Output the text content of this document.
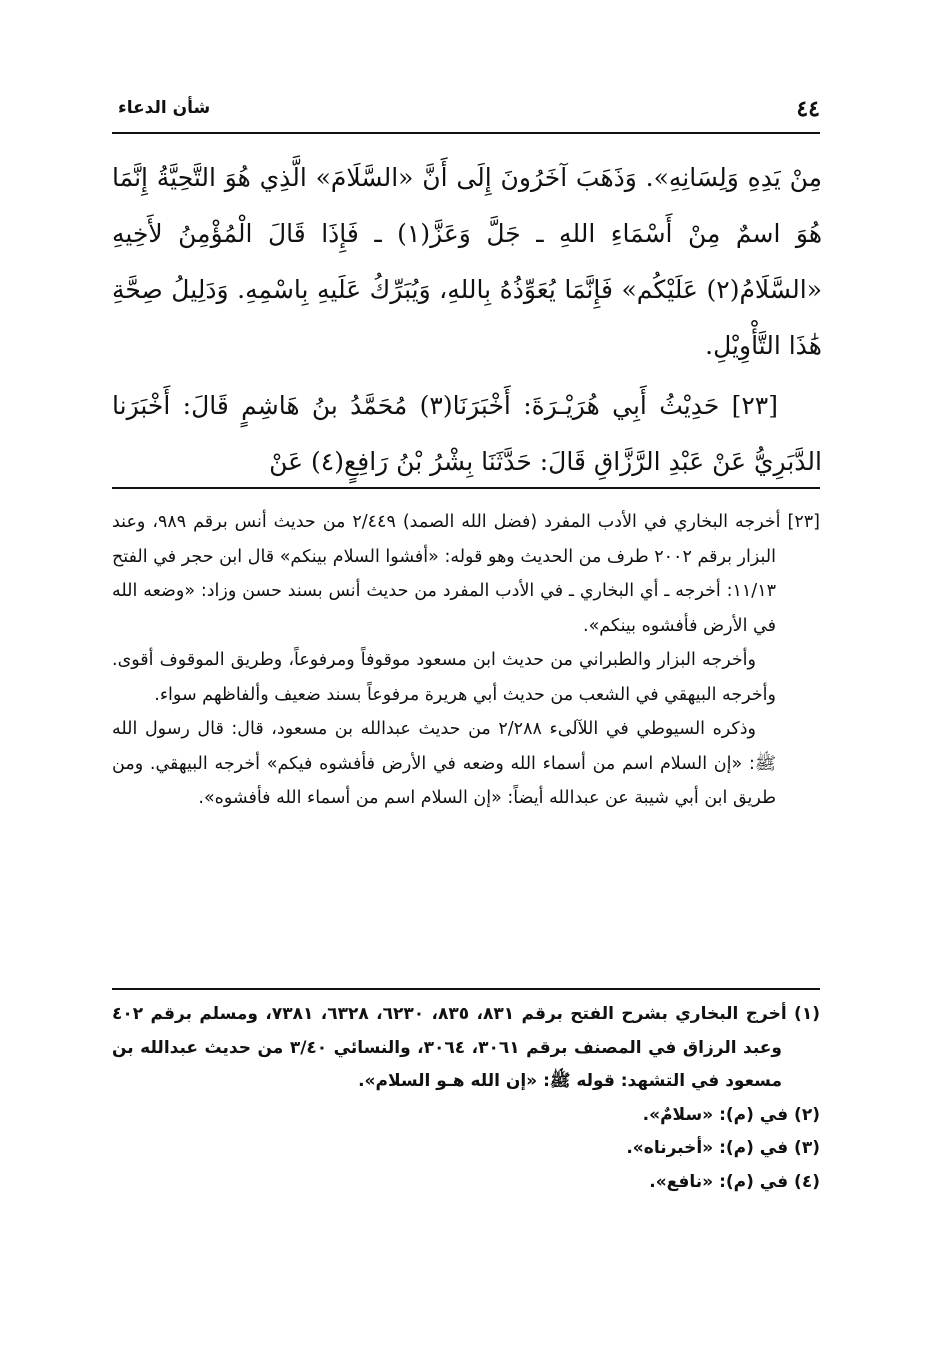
٤٤
شأن الدعاء

مِنْ يَدِهِ وَلِسَانِهِ». وَذَهَبَ آخَرُونَ إِلَى أَنَّ «السَّلَامَ» الَّذِي هُوَ التَّحِيَّةُ إِنَّمَا هُوَ اسمٌ مِنْ أَسْمَاءِ اللهِ ـ جَلَّ وَعَزَّ(١) ـ فَإِذَا قَالَ الْمُؤْمِنُ لأَخِيهِ «السَّلَامُ(٢) عَلَيْكُم» فَإِنَّمَا يُعَوِّذُهُ بِاللهِ، وَيُبَرِّكُ عَلَيهِ بِاسْمِهِ. وَدَلِيلُ صِحَّةِ هَٰذَا التَّأْوِيْلِ.

[٢٣] حَدِيْثُ أَبِي هُرَيْـرَةَ: أَخْبَرَنَا(٣) مُحَمَّدُ بنُ هَاشِمٍ قَالَ: أَخْبَرَنا الدَّبَرِيُّ عَنْ عَبْدِ الرَّزَّاقِ قَالَ: حَدَّثَنَا بِشْرُ بْنُ رَافِعٍ(٤) عَنْ

[٢٣] أخرجه البخاري في الأدب المفرد (فضل الله الصمد) ٢/٤٤٩ من حديث أنس برقم ٩٨٩، وعند البزار برقم ٢٠٠٢ طرف من الحديث وهو قوله: «أفشوا السلام بينكم» قال ابن حجر في الفتح ١١/١٣: أخرجه ـ أي البخاري ـ في الأدب المفرد من حديث أنس بسند حسن وزاد: «وضعه الله في الأرض فأفشوه بينكم».

وأخرجه البزار والطبراني من حديث ابن مسعود موقوفاً ومرفوعاً، وطريق الموقوف أقوى. وأخرجه البيهقي في الشعب من حديث أبي هريرة مرفوعاً بسند ضعيف وألفاظهم سواء.

وذكره السيوطي في اللآلىء ٢/٢٨٨ من حديث عبدالله بن مسعود، قال: قال رسول الله ﷺ: «إن السلام اسم من أسماء الله وضعه في الأرض فأفشوه فيكم» أخرجه البيهقي. ومن طريق ابن أبي شيبة عن عبدالله أيضاً: «إن السلام اسم من أسماء الله فأفشوه».

(١) أخرج البخاري بشرح الفتح برقم ٨٣١، ٨٣٥، ٦٢٣٠، ٦٣٢٨، ٧٣٨١، ومسلم برقم ٤٠٢ وعبد الرزاق في المصنف برقم ٣٠٦١، ٣٠٦٤، والنسائي ٣/٤٠ من حديث عبدالله بن مسعود في التشهد: قوله ﷺ: «إن الله هـو السلام».

(٢) في (م): «سلامٌ».

(٣) في (م): «أخبرناه».

(٤) في (م): «نافع».
